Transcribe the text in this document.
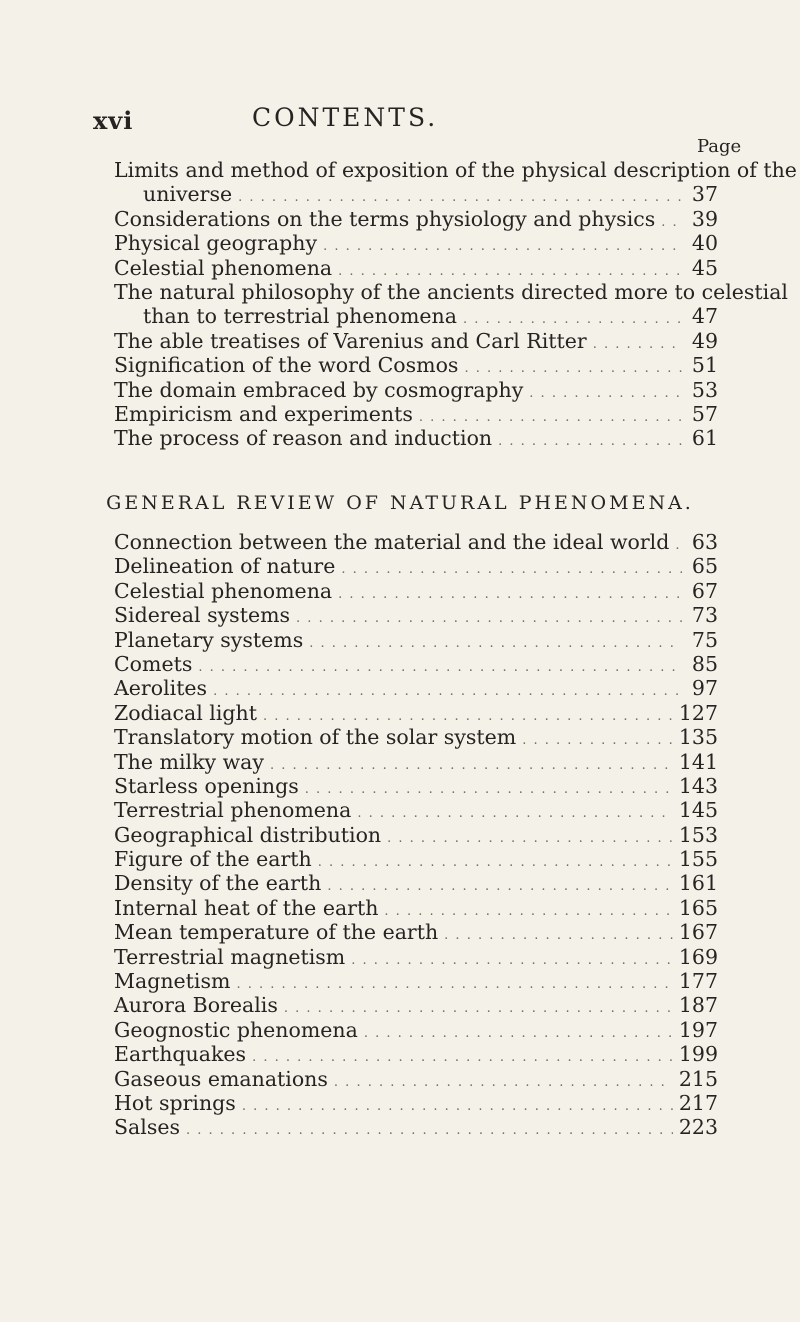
xvi	CONTENTS.
Page
Limits and method of exposition of the physical description of the
universe . . .	37
Considerations on the terms physiology and physics . . . 39
Physical geography . . .	40
Celestial phenomena . . .	45
The natural philosophy of the ancients directed more to celestial
than to terrestrial phenomena . . .	47
The able treatises of Varenius and Carl Ritter . . .	49
Signification of the word Cosmos . . .	51
The domain embraced by cosmography . . .	53
Empiricism and experiments . . .	57
The process of reason and induction . . .	61
GENERAL REVIEW OF NATURAL PHENOMENA.
Connection between the material and the ideal world . . . 63
Delineation of nature . . .	65
Celestial phenomena . . .	67
Sidereal systems . . .	73
Planetary systems . . .	75
Comets . . .	85
Aerolites . . .	97
Zodiacal light . . .	127
Translatory motion of the solar system . . .	135
The milky way . . .	141
Starless openings . . .	143
Terrestrial phenomena . . .	145
Geographical distribution . . .	153
Figure of the earth . . .	155
Density of the earth . . .	161
Internal heat of the earth . . .	165
Mean temperature of the earth . . .	167
Terrestrial magnetism . . .	169
Magnetism . . .	177
Aurora Borealis . . .	187
Geognostic phenomena . . .	197
Earthquakes . . .	199
Gaseous emanations . . .	215
Hot springs . . .	217
Salses . . .	223
